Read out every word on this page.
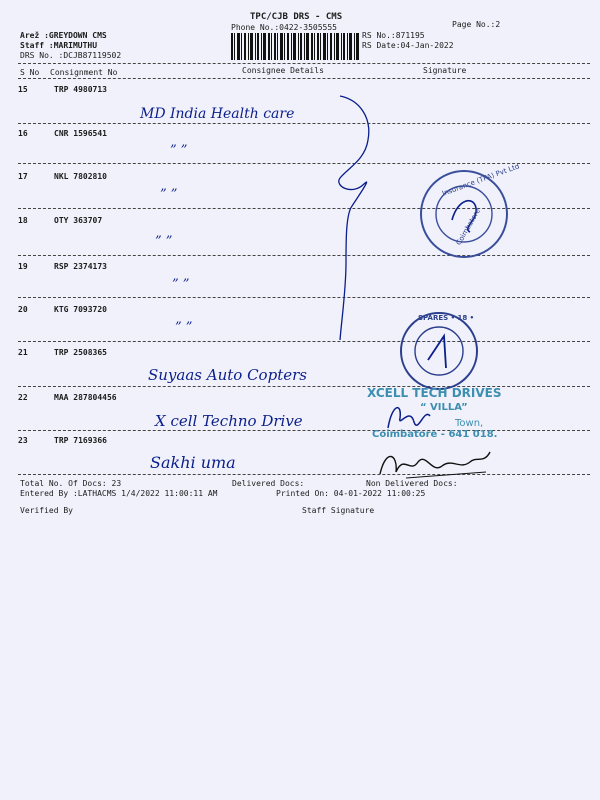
TPC/CJB DRS - CMS
Phone No.:0422-3505555	Page No.:2
Arež :GREYDOWN CMS
Staff :MARIMUTHU
DRS No. :DCJB87119502
RS No.:871195
RS Date:04-Jan-2022
S No Consignment No	Consignee Details	Signature
15	TRP 4980713
MD India Health care
16	CNR 1596541
” ”
17	NKL 7802810
” ”
18	OTY 363707
” ”
19	RSP 2374173
” ”
20	KTG 7093720
” ”
21	TRP 2508365
Suyaas Auto Copters
22	MAA 287804456
X cell Techno Drive
23	TRP 7169366
Sakhi uma
Insurance (TPA) Pvt Ltd
Coimbatore
SPARES • 18 •
XCELL TECH DRIVES
“ VILLA”
Town,
Coimbatore - 641 018.
Total No. Of Docs: 23	Delivered Docs:	Non Delivered Docs:
Entered By :LATHACMS 1/4/2022 11:00:11 AM	Printed On: 04-01-2022 11:00:25
Verified By	Staff Signature
